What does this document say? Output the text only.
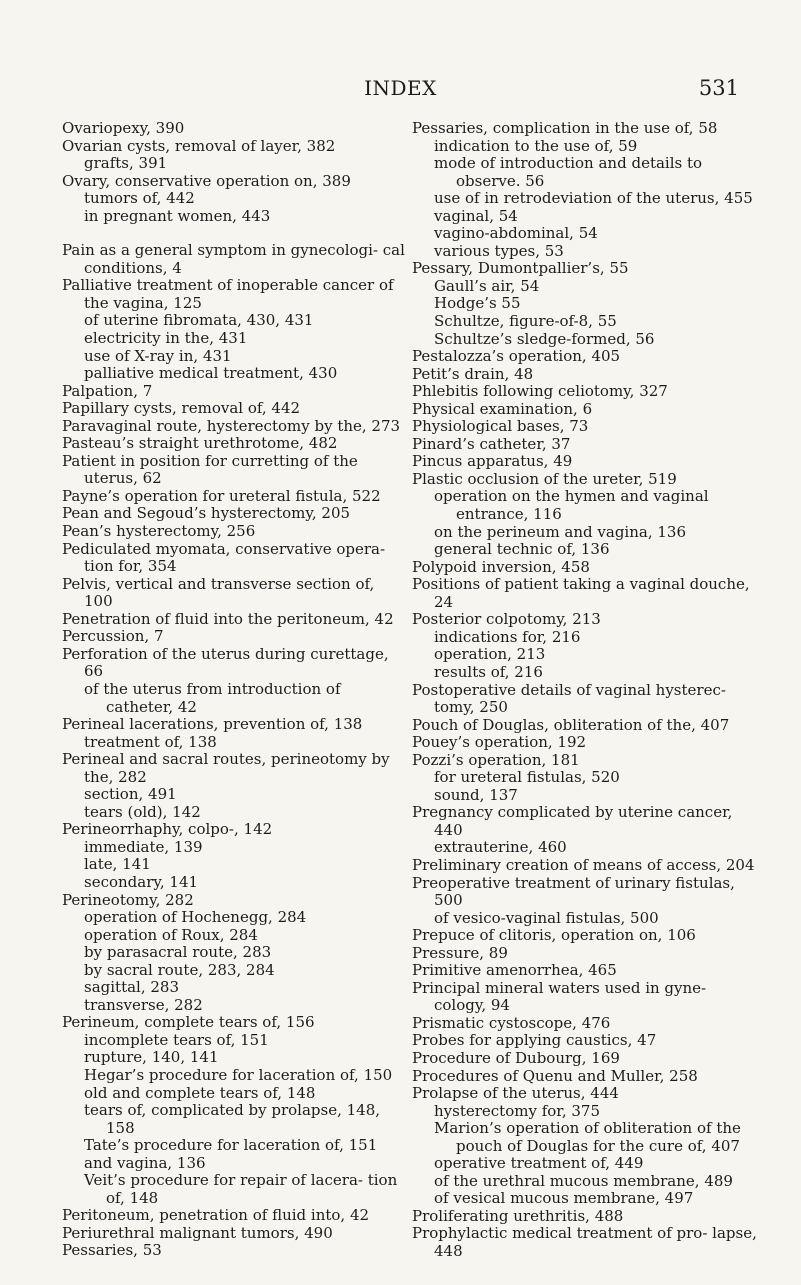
INDEX	531
Ovariopexy, 390
Ovarian cysts, removal of layer, 382
grafts, 391
Ovary, conservative operation on, 389
tumors of, 442
in pregnant women, 443
Pain as a general symptom in gynecologi- cal conditions, 4
Palliative treatment of inoperable cancer of the vagina, 125
of uterine fibromata, 430, 431
electricity in the, 431
use of X-ray in, 431
palliative medical treatment, 430
Palpation, 7
Papillary cysts, removal of, 442
Paravaginal route, hysterectomy by the, 273
Pasteau’s straight urethrotome, 482
Patient in position for curretting of the uterus, 62
Payne’s operation for ureteral fistula, 522
Pean and Segoud’s hysterectomy, 205
Pean’s hysterectomy, 256
Pediculated myomata, conservative opera- tion for, 354
Pelvis, vertical and transverse section of, 100
Penetration of fluid into the peritoneum, 42
Percussion, 7
Perforation of the uterus during curettage, 66
of the uterus from introduction of catheter, 42
Perineal lacerations, prevention of, 138
treatment of, 138
Perineal and sacral routes, perineotomy by the, 282
section, 491
tears (old), 142
Perineorrhaphy, colpo-, 142
immediate, 139
late, 141
secondary, 141
Perineotomy, 282
operation of Hochenegg, 284
operation of Roux, 284
by parasacral route, 283
by sacral route, 283, 284
sagittal, 283
transverse, 282
Perineum, complete tears of, 156
incomplete tears of, 151
rupture, 140, 141
Hegar’s procedure for laceration of, 150
old and complete tears of, 148
tears of, complicated by prolapse, 148, 158
Tate’s procedure for laceration of, 151
and vagina, 136
Veit’s procedure for repair of lacera- tion of, 148
Peritoneum, penetration of fluid into, 42
Periurethral malignant tumors, 490
Pessaries, 53
Pessaries, complication in the use of, 58
indication to the use of, 59
mode of introduction and details to observe. 56
use of in retrodeviation of the uterus, 455
vaginal, 54
vagino-abdominal, 54
various types, 53
Pessary, Dumontpallier’s, 55
Gaull’s air, 54
Hodge’s 55
Schultze, figure-of-8, 55
Schultze’s sledge-formed, 56
Pestalozza’s operation, 405
Petit’s drain, 48
Phlebitis following celiotomy, 327
Physical examination, 6
Physiological bases, 73
Pinard’s catheter, 37
Pincus apparatus, 49
Plastic occlusion of the ureter, 519
operation on the hymen and vaginal entrance, 116
on the perineum and vagina, 136
general technic of, 136
Polypoid inversion, 458
Positions of patient taking a vaginal douche, 24
Posterior colpotomy, 213
indications for, 216
operation, 213
results of, 216
Postoperative details of vaginal hysterec- tomy, 250
Pouch of Douglas, obliteration of the, 407
Pouey’s operation, 192
Pozzi’s operation, 181
for ureteral fistulas, 520
sound, 137
Pregnancy complicated by uterine cancer, 440
extrauterine, 460
Preliminary creation of means of access, 204
Preoperative treatment of urinary fistulas, 500
of vesico-vaginal fistulas, 500
Prepuce of clitoris, operation on, 106
Pressure, 89
Primitive amenorrhea, 465
Principal mineral waters used in gyne- cology, 94
Prismatic cystoscope, 476
Probes for applying caustics, 47
Procedure of Dubourg, 169
Procedures of Quenu and Muller, 258
Prolapse of the uterus, 444
hysterectomy for, 375
Marion’s operation of obliteration of the pouch of Douglas for the cure of, 407
operative treatment of, 449
of the urethral mucous membrane, 489
of vesical mucous membrane, 497
Proliferating urethritis, 488
Prophylactic medical treatment of pro- lapse, 448
